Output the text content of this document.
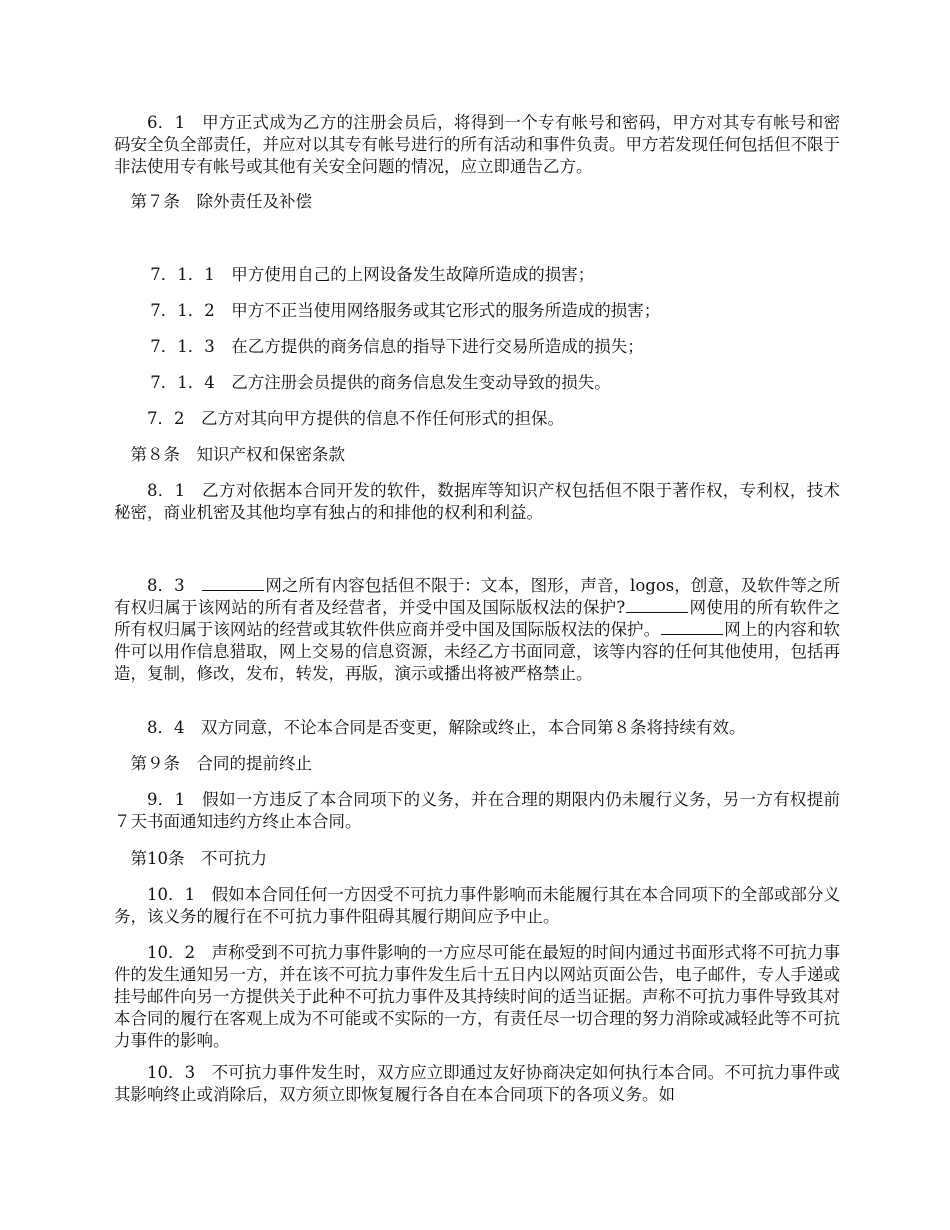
6．1　甲方正式成为乙方的注册会员后，将得到一个专有帐号和密码，甲方对其专有帐号和密码安全负全部责任，并应对以其专有帐号进行的所有活动和事件负责。甲方若发现任何包括但不限于非法使用专有帐号或其他有关安全问题的情况，应立即通告乙方。

第７条　除外责任及补偿

7．1．1　甲方使用自己的上网设备发生故障所造成的损害；

7．1．2　甲方不正当使用网络服务或其它形式的服务所造成的损害；

7．1．3　在乙方提供的商务信息的指导下进行交易所造成的损失；

7．1．4　乙方注册会员提供的商务信息发生变动导致的损失。

7．2　乙方对其向甲方提供的信息不作任何形式的担保。

第８条　知识产权和保密条款

8．1　乙方对依据本合同开发的软件，数据库等知识产权包括但不限于著作权，专利权，技术秘密，商业机密及其他均享有独占的和排他的权利和利益。

8．3　	网之所有内容包括但不限于：文本，图形，声音，logos，创意，及软件等之所有权归属于该网站的所有者及经营者，并受中国及国际版权法的保护?	网使用的所有软件之所有权归属于该网站的经营或其软件供应商并受中国及国际版权法的保护。	网上的内容和软件可以用作信息猎取，网上交易的信息资源，未经乙方书面同意，该等内容的任何其他使用，包括再造，复制，修改，发布，转发，再版，演示或播出将被严格禁止。

8．4　双方同意，不论本合同是否变更，解除或终止，本合同第８条将持续有效。

第９条　合同的提前终止

9．1　假如一方违反了本合同项下的义务，并在合理的期限内仍未履行义务，另一方有权提前７天书面通知违约方终止本合同。

第10条　不可抗力

10．1　假如本合同任何一方因受不可抗力事件影响而未能履行其在本合同项下的全部或部分义务，该义务的履行在不可抗力事件阻碍其履行期间应予中止。

10．2　声称受到不可抗力事件影响的一方应尽可能在最短的时间内通过书面形式将不可抗力事件的发生通知另一方，并在该不可抗力事件发生后十五日内以网站页面公告，电子邮件，专人手递或挂号邮件向另一方提供关于此种不可抗力事件及其持续时间的适当证据。声称不可抗力事件导致其对本合同的履行在客观上成为不可能或不实际的一方，有责任尽一切合理的努力消除或减轻此等不可抗力事件的影响。

10．3　不可抗力事件发生时，双方应立即通过友好协商决定如何执行本合同。不可抗力事件或其影响终止或消除后，双方须立即恢复履行各自在本合同项下的各项义务。如
